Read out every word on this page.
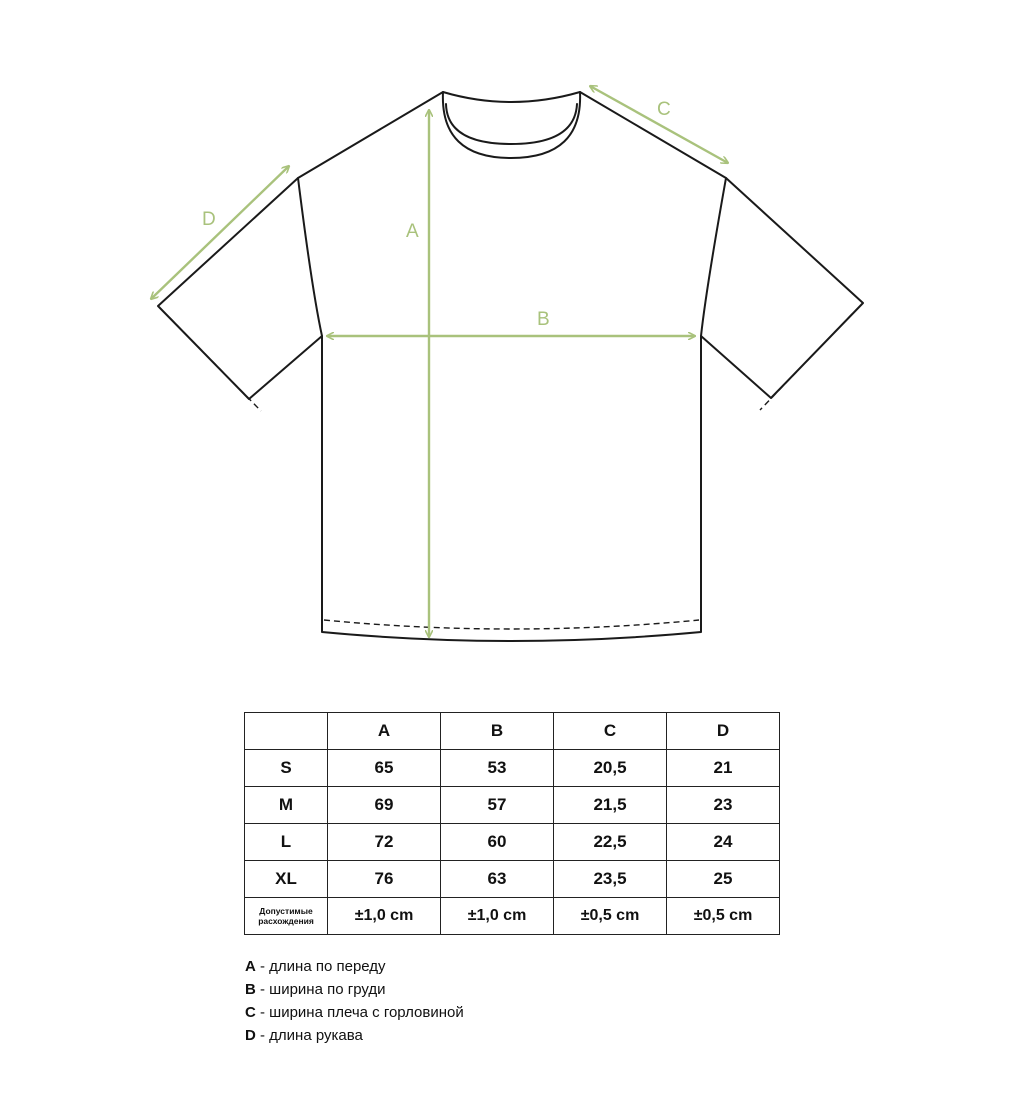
A
B
C
D
	A	B	C	D
S	65	53	20,5	21
M	69	57	21,5	23
L	72	60	22,5	24
XL	76	63	23,5	25
Допустимые
расхождения	±1,0 cm	±1,0 cm	±0,5 cm	±0,5 cm
A - длина по переду
B - ширина по груди
C - ширина плеча с горловиной
D - длина рукава
